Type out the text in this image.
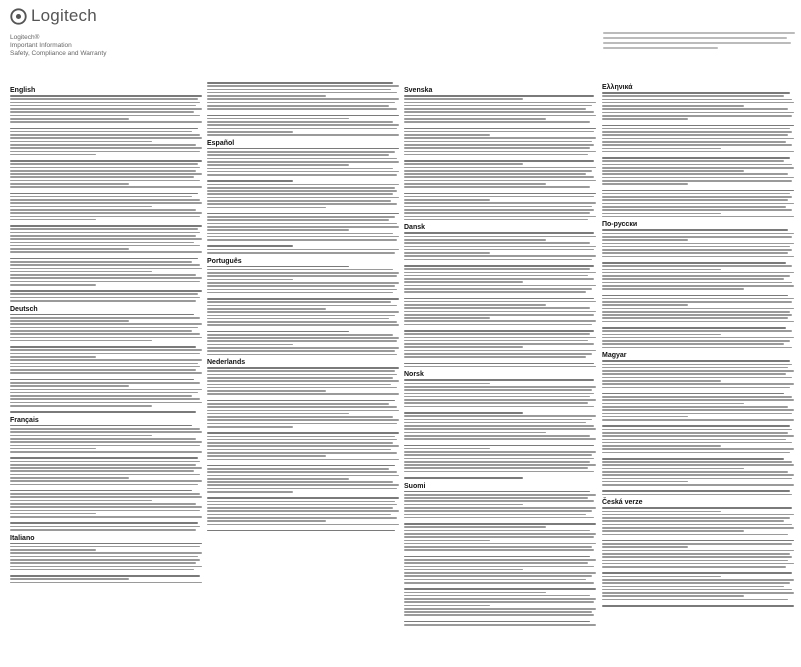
Logitech
Logitech®
Important Information
Safety, Compliance and Warranty
English
Deutsch
Français
Italiano
Español
Português
Nederlands
Svenska
Dansk
Norsk
Suomi
Ελληνικά
По-русски
Magyar
Česká verze
